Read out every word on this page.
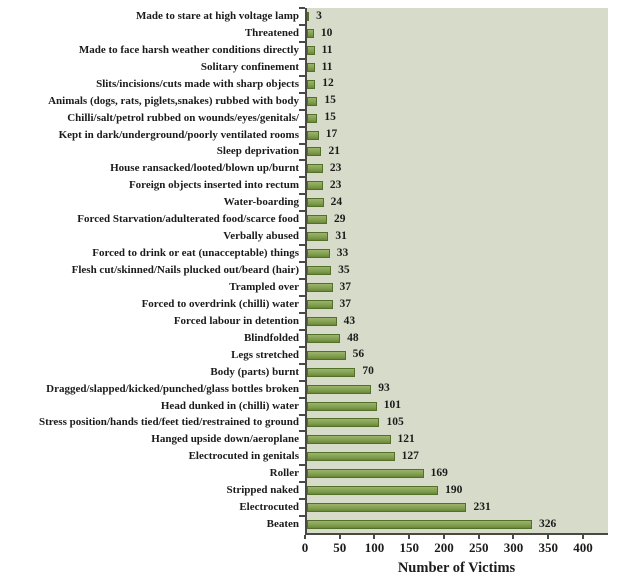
Made to stare at high voltage lamp	3
Threatened	10
Made to face harsh weather conditions directly	11
Solitary confinement	11
Slits/incisions/cuts made with sharp objects	12
Animals (dogs, rats, piglets,snakes) rubbed with body	15
Chilli/salt/petrol rubbed on wounds/eyes/genitals/	15
Kept in dark/underground/poorly ventilated rooms	17
Sleep deprivation	21
House ransacked/looted/blown up/burnt	23
Foreign objects inserted into rectum	23
Water-boarding	24
Forced Starvation/adulterated food/scarce food	29
Verbally abused	31
Forced to drink or eat (unacceptable) things	33
Flesh cut/skinned/Nails plucked out/beard (hair)	35
Trampled over	37
Forced to overdrink (chilli) water	37
Forced labour in detention	43
Blindfolded	48
Legs stretched	56
Body (parts) burnt	70
Dragged/slapped/kicked/punched/glass bottles broken	93
Head dunked in (chilli) water	101
Stress position/hands tied/feet tied/restrained to ground	105
Hanged upside down/aeroplane	121
Electrocuted in genitals	127
Roller	169
Stripped naked	190
Electrocuted	231
Beaten	326
0 50 100 150 200 250 300 350 400
Number of Victims
